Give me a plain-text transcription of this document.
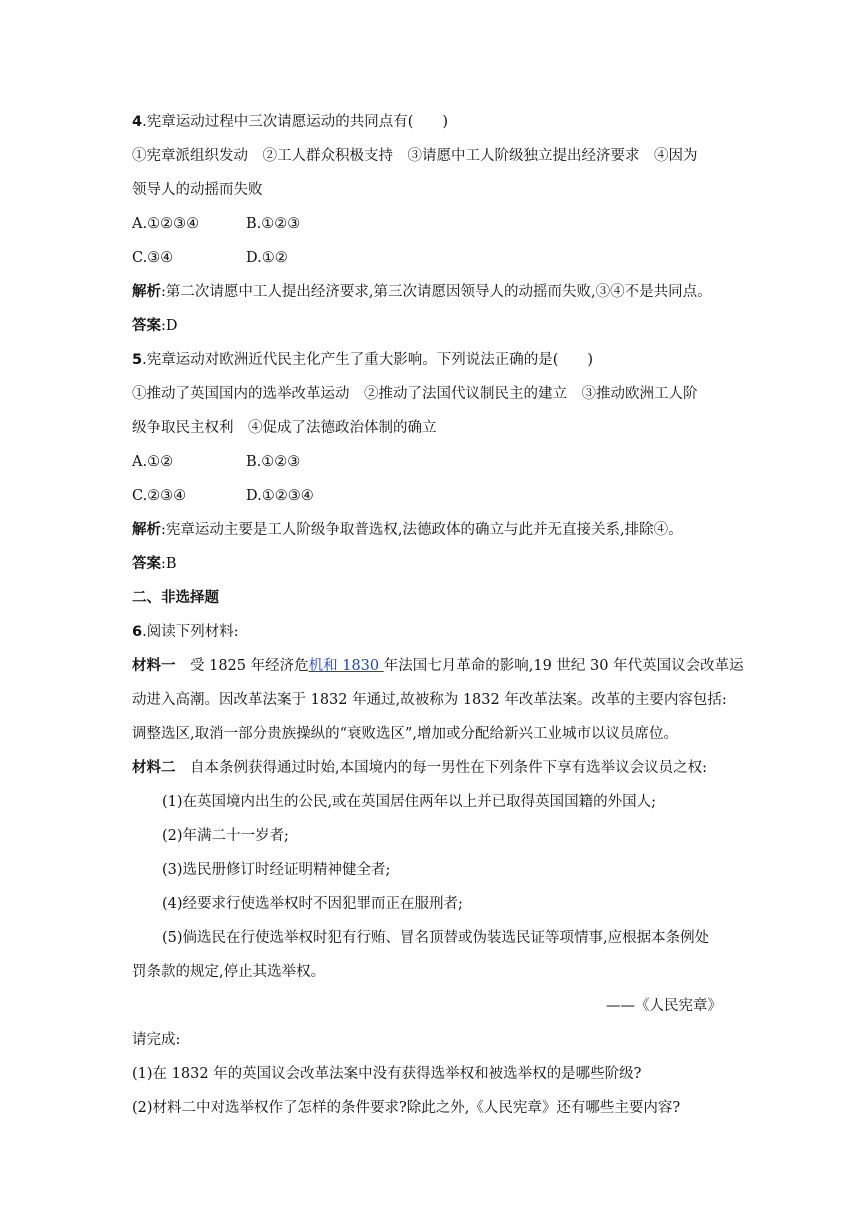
4.宪章运动过程中三次请愿运动的共同点有(　　)
①宪章派组织发动　②工人群众积极支持　③请愿中工人阶级独立提出经济要求　④因为
领导人的动摇而失败
A.①②③④	B.①②③
C.③④	D.①②
解析:第二次请愿中工人提出经济要求,第三次请愿因领导人的动摇而失败,③④不是共同点。
答案:D
5.宪章运动对欧洲近代民主化产生了重大影响。下列说法正确的是(　　)
①推动了英国国内的选举改革运动　②推动了法国代议制民主的建立　③推动欧洲工人阶
级争取民主权利　④促成了法德政治体制的确立
A.①②	B.①②③
C.②③④	D.①②③④
解析:宪章运动主要是工人阶级争取普选权,法德政体的确立与此并无直接关系,排除④。
答案:B
二、非选择题
6.阅读下列材料:
材料一　受 1825 年经济危机和 1830 年法国七月革命的影响,19 世纪 30 年代英国议会改革运
动进入高潮。因改革法案于 1832 年通过,故被称为 1832 年改革法案。改革的主要内容包括:
调整选区,取消一部分贵族操纵的“衰败选区”,增加或分配给新兴工业城市以议员席位。
材料二　自本条例获得通过时始,本国境内的每一男性在下列条件下享有选举议会议员之权:
(1)在英国境内出生的公民,或在英国居住两年以上并已取得英国国籍的外国人;
(2)年满二十一岁者;
(3)选民册修订时经证明精神健全者;
(4)经要求行使选举权时不因犯罪而正在服刑者;
(5)倘选民在行使选举权时犯有行贿、冒名顶替或伪装选民证等项情事,应根据本条例处
罚条款的规定,停止其选举权。
——《人民宪章》
请完成:
(1)在 1832 年的英国议会改革法案中没有获得选举权和被选举权的是哪些阶级?
(2)材料二中对选举权作了怎样的条件要求?除此之外,《人民宪章》还有哪些主要内容?
